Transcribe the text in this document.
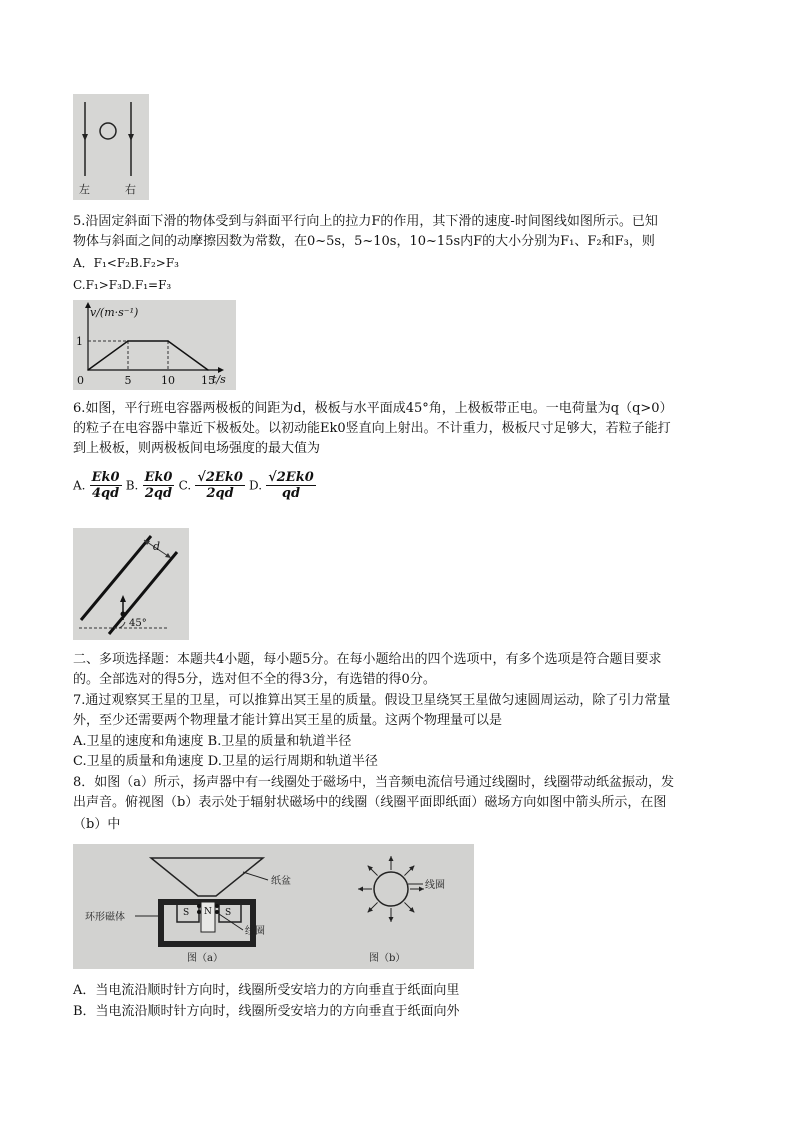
左	右
5.沿固定斜面下滑的物体受到与斜面平行向上的拉力F的作用，其下滑的速度-时间图线如图所示。已知
物体与斜面之间的动摩擦因数为常数，在0~5s，5~10s，10~15s内F的大小分别为F₁、F₂和F₃，则
A．F₁<F₂B.F₂>F₃
C.F₁>F₃D.F₁=F₃
0	5	10 15
1
v/(m·s⁻¹)
t/s
6.如图，平行班电容器两极板的间距为d，极板与水平面成45°角，上极板带正电。一电荷量为q（q>0）
的粒子在电容器中靠近下极板处。以初动能Ek0竖直向上射出。不计重力，极板尺寸足够大，若粒子能打
到上极板，则两极板间电场强度的最大值为
A. $\frac{Ek0}{4qd} B$. $\frac{Ek0}{2qd} C$. $\frac{√2Ek0}{2qd} D$. $\frac{√2Ek0}{qd}$
d
45°
二、多项选择题：本题共4小题，每小题5分。在每小题给出的四个选项中，有多个选项是符合题目要求
的。全部选对的得5分，选对但不全的得3分，有选错的得0分。
7.通过观察冥王星的卫星，可以推算出冥王星的质量。假设卫星绕冥王星做匀速圆周运动，除了引力常量
外，至少还需要两个物理量才能计算出冥王星的质量。这两个物理量可以是
A.卫星的速度和角速度 B.卫星的质量和轨道半径
C.卫星的质量和角速度 D.卫星的运行周期和轨道半径
8．如图（a）所示，扬声器中有一线圈处于磁场中，当音频电流信号通过线圈时，线圈带动纸盆振动，发
出声音。俯视图（b）表示处于辐射状磁场中的线圈（线圈平面即纸面）磁场方向如图中箭头所示，在图
（b）中
纸盆
N
S	S
环形磁体
线圈
图（a）
线圈
图（b）
A．当电流沿顺时针方向时，线圈所受安培力的方向垂直于纸面向里
B．当电流沿顺时针方向时，线圈所受安培力的方向垂直于纸面向外
